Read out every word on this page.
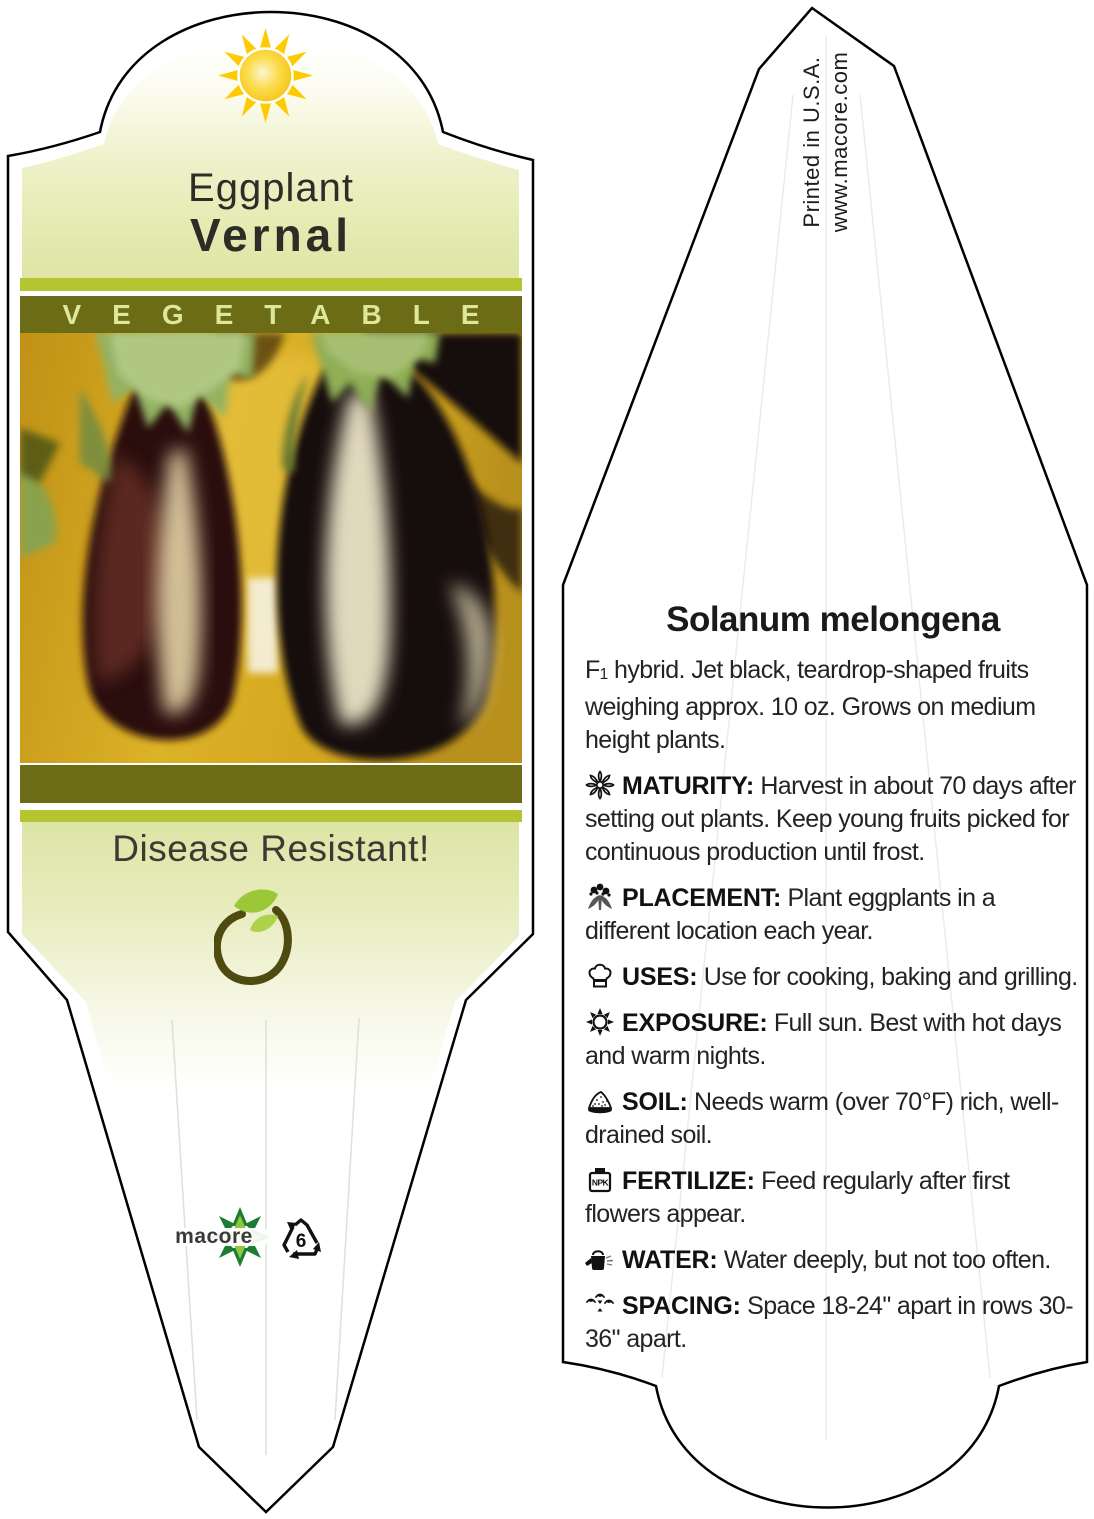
Eggplant
Vernal
VEGETABLE
Disease Resistant!
macore 6
Printed in U.S.A. www.macore.com
Solanum melongena

F1 hybrid. Jet black, teardrop-shaped fruits weighing approx. 10 oz. Grows on medium height plants.

MATURITY: Harvest in about 70 days after setting out plants. Keep young fruits picked for continuous production until frost.

PLACEMENT: Plant eggplants in a different location each year.

USES: Use for cooking, baking and grilling.

EXPOSURE: Full sun. Best with hot days and warm nights.

SOIL: Needs warm (over 70°F) rich, well-drained soil.

NPK FERTILIZE: Feed regularly after first flowers appear.

WATER: Water deeply, but not too often.

SPACING: Space 18-24" apart in rows 30-36" apart.
